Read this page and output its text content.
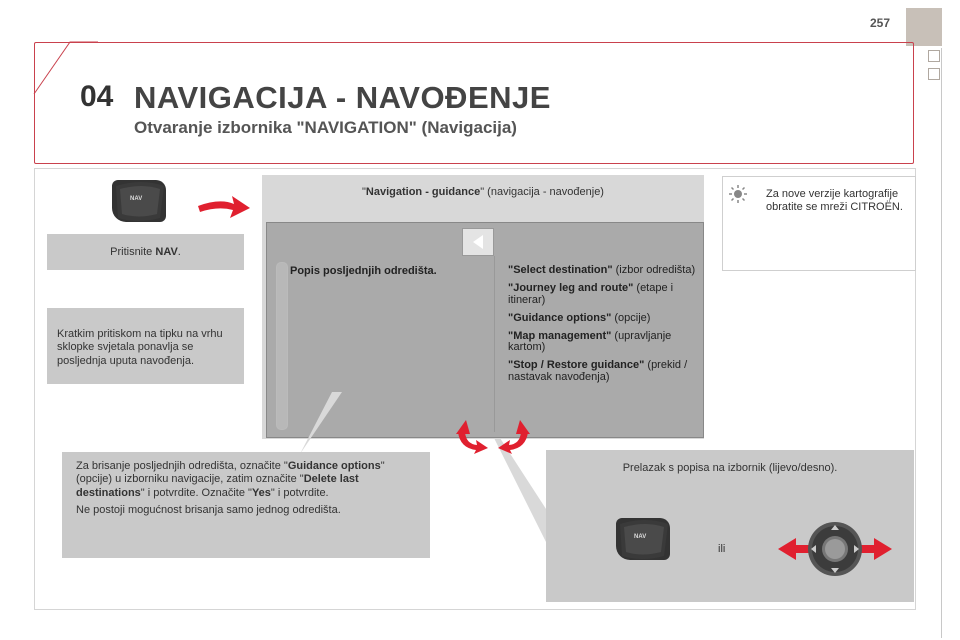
257
04 NAVIGACIJA - NAVOĐENJE
Otvaranje izbornika "NAVIGATION" (Navigacija)
NAV
Pritisnite NAV.
Kratkim pritiskom na tipku na vrhu sklopke svjetala ponavlja se posljednja uputa navođenja.
"Navigation - guidance" (navigacija - navođenje)
Popis posljednjih odredišta.	"Select destination" (izbor odredišta)
"Journey leg and route" (etape i itinerar)
"Guidance options" (opcije)
"Map management" (upravljanje kartom)
"Stop / Restore guidance" (prekid / nastavak navođenja)
Za nove verzije kartografije obratite se mreži CITROËN.
Za brisanje posljednjih odredišta, označite "Guidance options" (opcije) u izborniku navigacije, zatim označite "Delete last destinations" i potvrdite. Označite "Yes" i potvrdite.
Ne postoji mogućnost brisanja samo jednog odredišta.
Prelazak s popisa na izbornik (lijevo/desno).
NAV
ili
